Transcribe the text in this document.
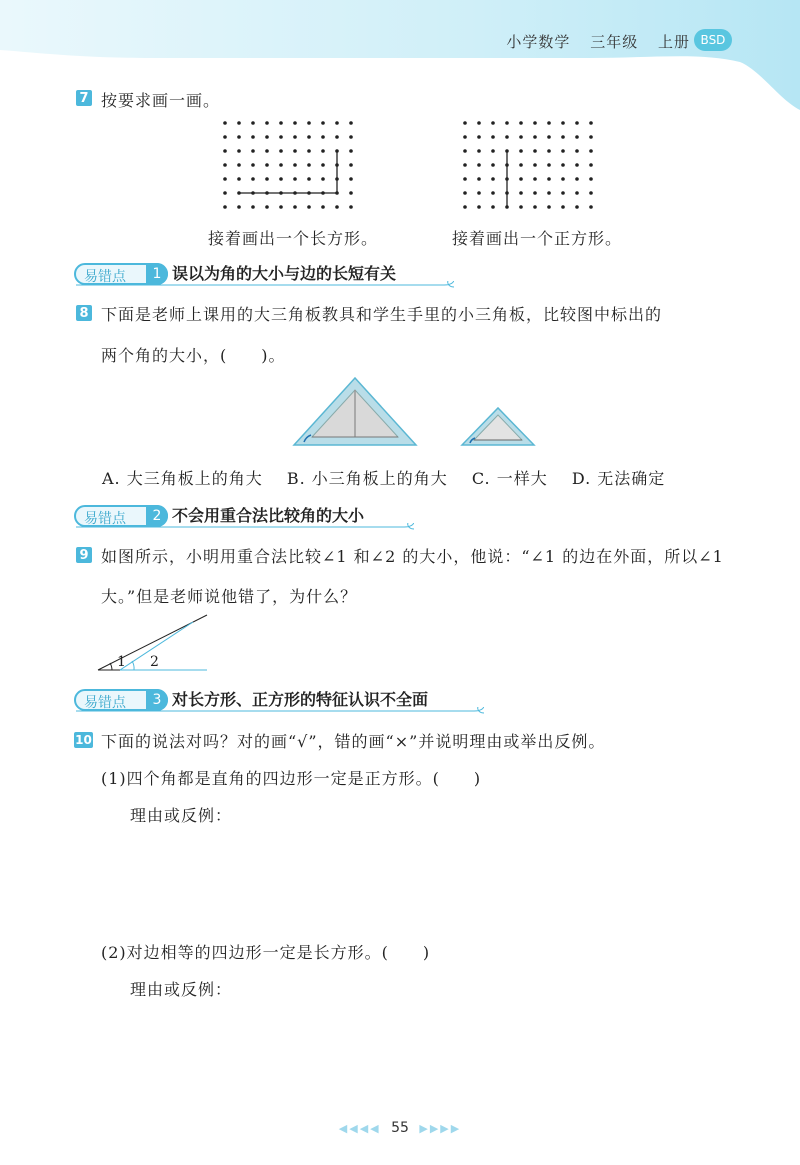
小学数学 三年级 上册 BSD
7 按要求画一画。
接着画出一个长方形。	接着画出一个正方形。
易错点	1 误以为角的大小与边的长短有关
8 下面是老师上课用的大三角板教具和学生手里的小三角板，比较图中标出的
两个角的大小，(　　)。
A. 大三角板上的角大 B. 小三角板上的角大 C. 一样大 D. 无法确定
易错点	2 不会用重合法比较角的大小
9 如图所示，小明用重合法比较∠1 和∠2 的大小，他说：“∠1 的边在外面，所以∠1
大。”但是老师说他错了，为什么？
1 2
易错点	3 对长方形、正方形的特征认识不全面
10 下面的说法对吗？对的画“√”，错的画“×”并说明理由或举出反例。
(1)四个角都是直角的四边形一定是正方形。(　　)
理由或反例：
(2)对边相等的四边形一定是长方形。(　　)
理由或反例：
◀◀◀◀ 55 ▶▶▶▶
